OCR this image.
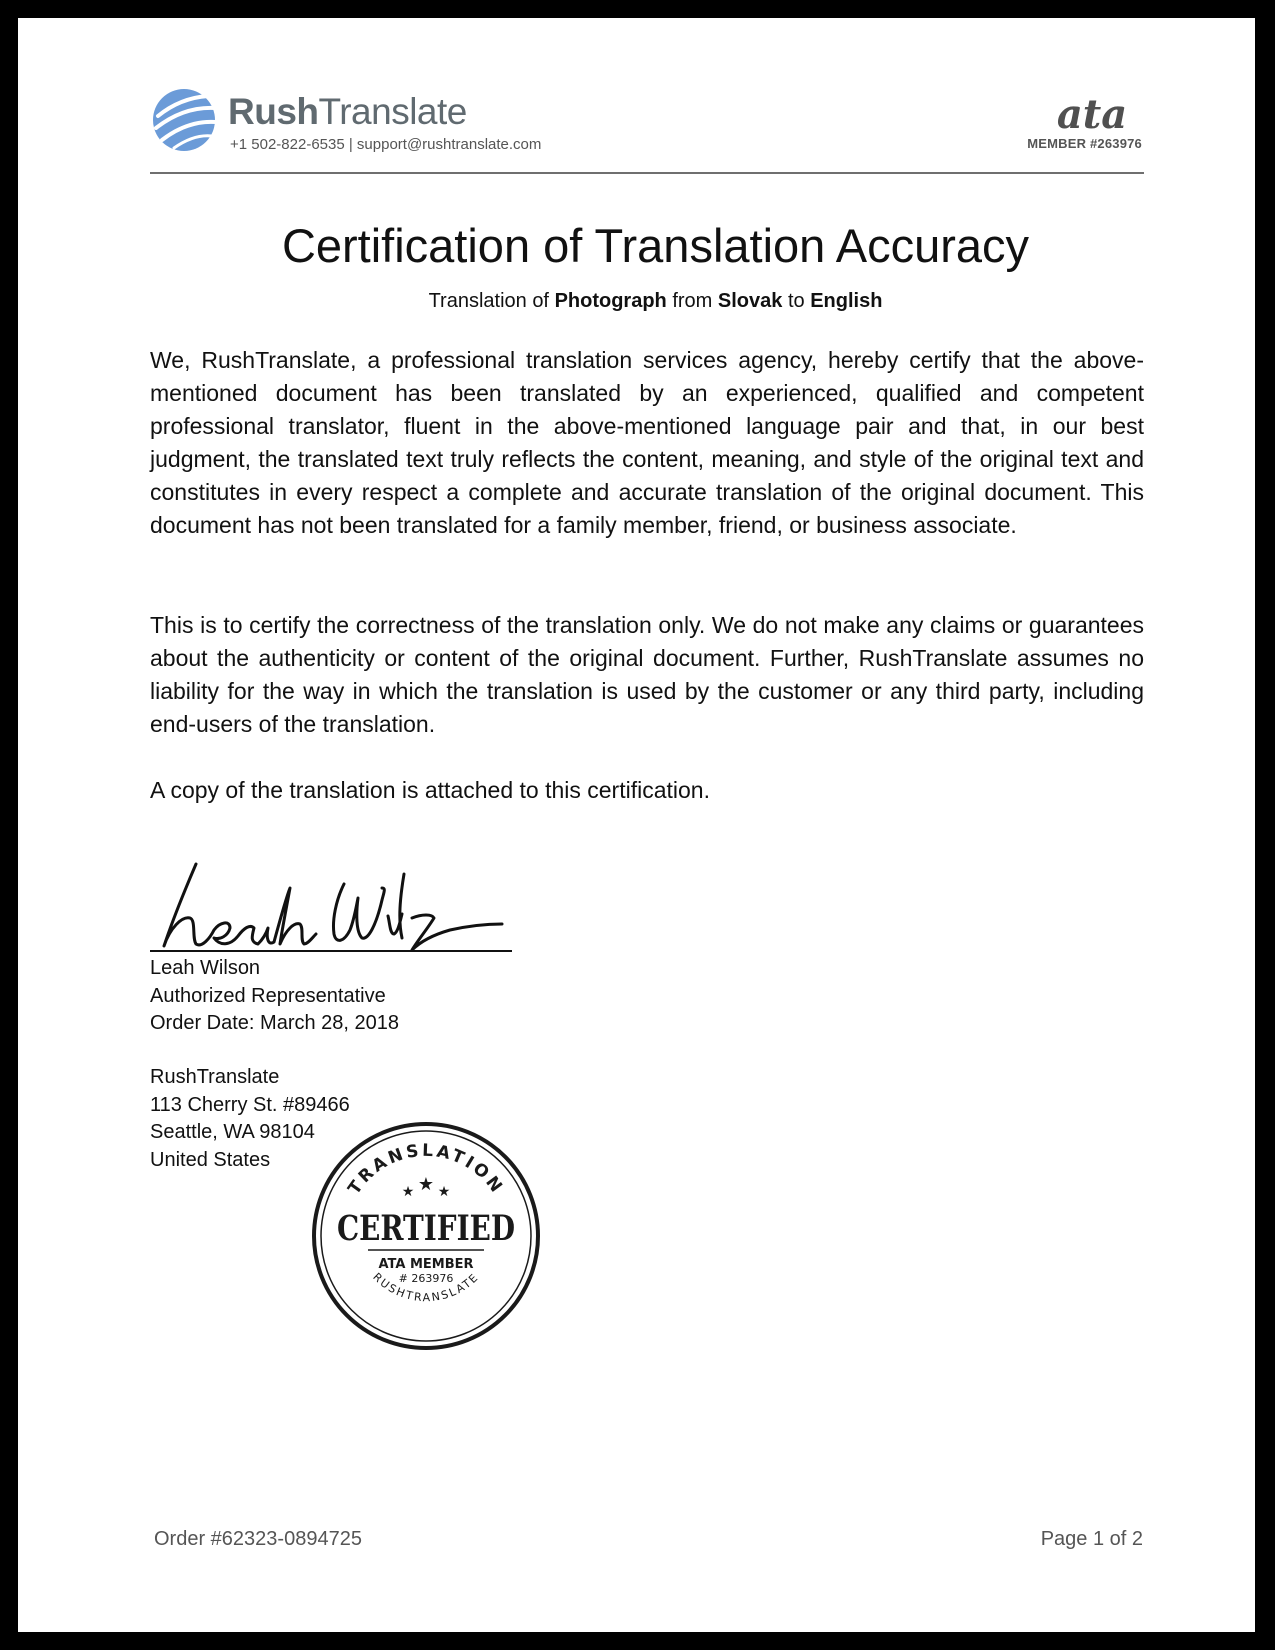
RushTranslate
+1 502-822-6535 | support@rushtranslate.com
ata
MEMBER #263976
Certification of Translation Accuracy
Translation of Photograph from Slovak to English

We, RushTranslate, a professional translation services agency, hereby certify that the above-mentioned document has been translated by an experienced, qualified and competent professional translator, fluent in the above-mentioned language pair and that, in our best judgment, the translated text truly reflects the content, meaning, and style of the original text and constitutes in every respect a complete and accurate translation of the original document. This document has not been translated for a family member, friend, or business associate.

This is to certify the correctness of the translation only. We do not make any claims or guarantees about the authenticity or content of the original document. Further, RushTranslate assumes no liability for the way in which the translation is used by the customer or any third party, including end-users of the translation.

A copy of the translation is attached to this certification.

Leah Wilson
Authorized Representative
Order Date: March 28, 2018
RushTranslate
113 Cherry St. #89466
Seattle, WA 98104
United States
TRANSLATION
★ ★ ★
CERTIFIED
ATA MEMBER
# 263976
RUSHTRANSLATE
Order #62323-0894725	Page 1 of 2
